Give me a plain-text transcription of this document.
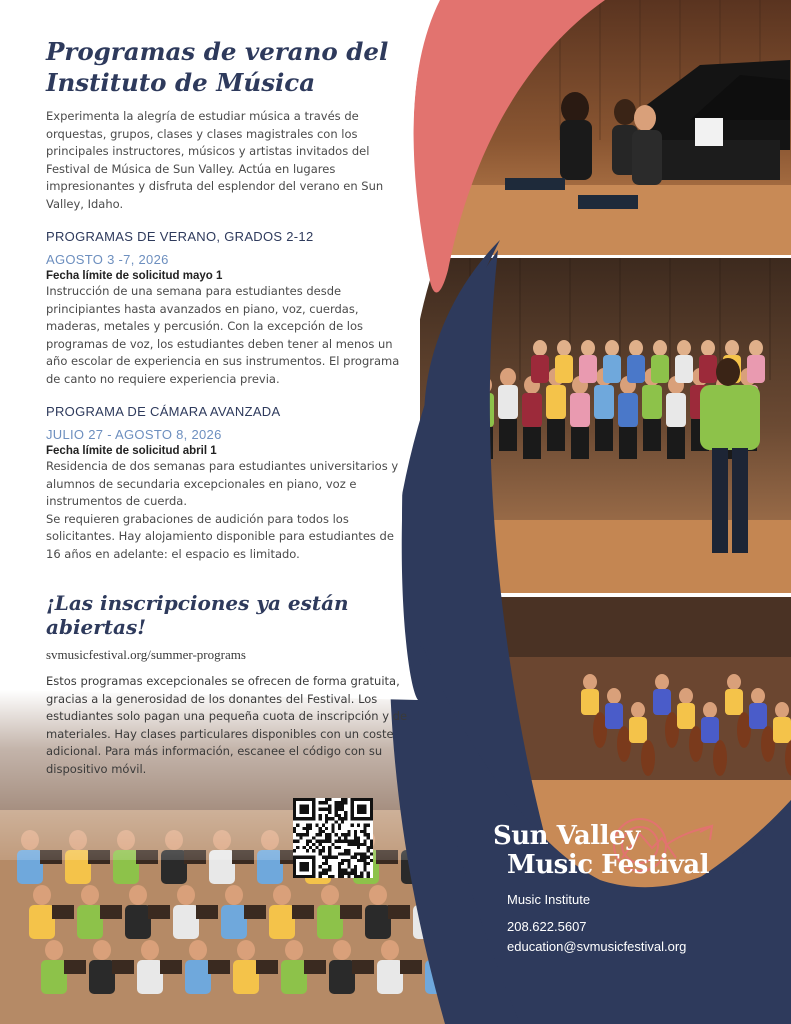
Programas de verano del Instituto de Música

Experimenta la alegría de estudiar música a través de orquestas, grupos, clases y clases magistrales con los principales instructores, músicos y artistas invitados del Festival de Música de Sun Valley. Actúa en lugares impresionantes y disfruta del esplendor del verano en Sun Valley, Idaho.

PROGRAMAS DE VERANO, GRADOS 2-12

AGOSTO 3 -7, 2026

Fecha límite de solicitud mayo 1

Instrucción de una semana para estudiantes desde principiantes hasta avanzados en piano, voz, cuerdas, maderas, metales y percusión. Con la excepción de los programas de voz, los estudiantes deben tener al menos un año escolar de experiencia en sus instrumentos. El programa de canto no requiere experiencia previa.

PROGRAMA DE CÁMARA AVANZADA

JULIO 27 - AGOSTO 8, 2026

Fecha límite de solicitud abril 1

Residencia de dos semanas para estudiantes universitarios y alumnos de secundaria excepcionales en piano, voz e instrumentos de cuerda.

Se requieren grabaciones de audición para todos los solicitantes. Hay alojamiento disponible para estudiantes de 16 años en adelante: el espacio es limitado.

¡Las inscripciones ya están abiertas!

svmusicfestival.org/summer-programs

Estos programas excepcionales se ofrecen de forma gratuita, gracias a la generosidad de los donantes del Festival. Los estudiantes solo pagan una pequeña cuota de inscripción y de materiales. Hay clases particulares disponibles con un coste adicional. Para más información, escanee el código con su dispositivo móvil.

Sun Valley
Music Festival
Music Institute
208.622.5607
education@svmusicfestival.org
